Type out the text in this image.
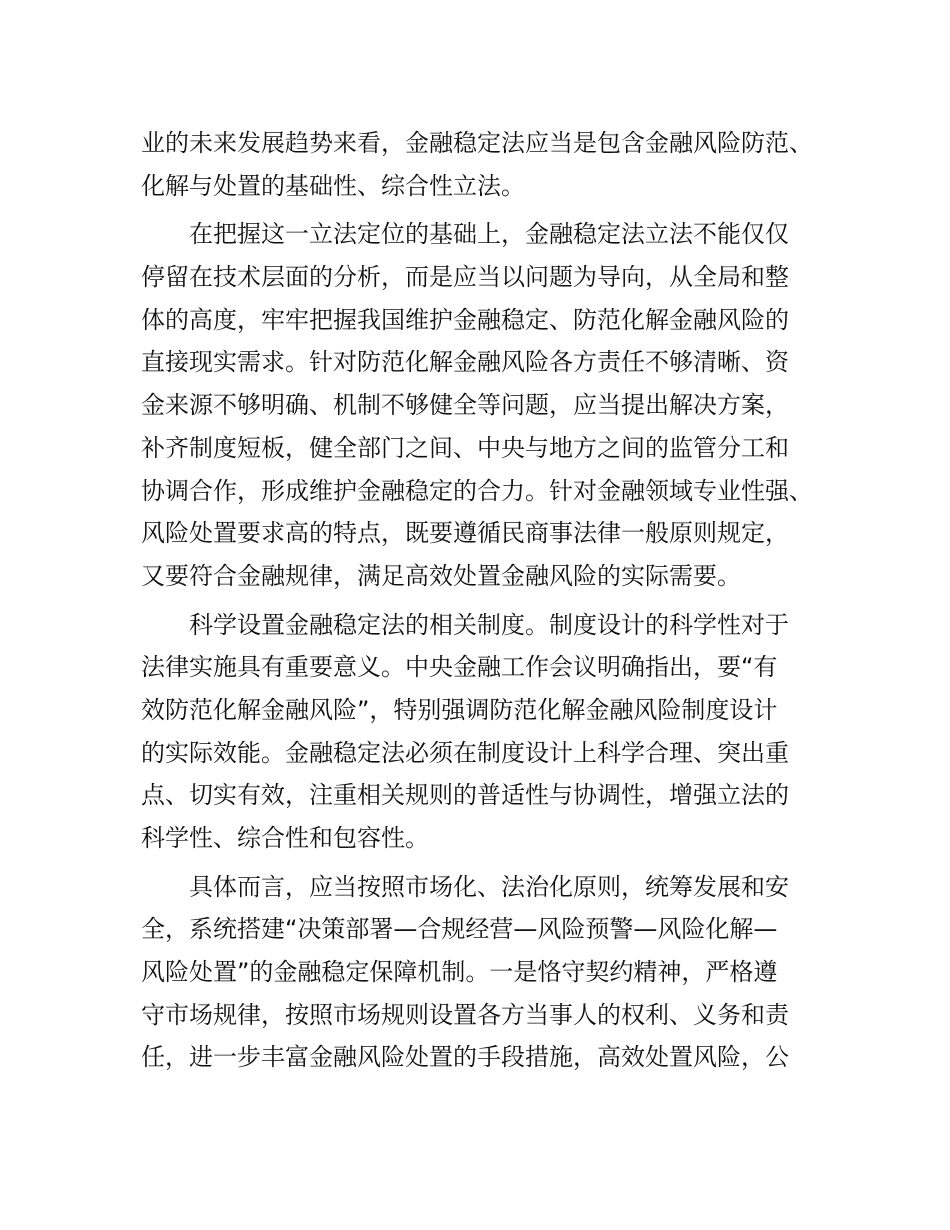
业的未来发展趋势来看，金融稳定法应当是包含金融风险防范、
化解与处置的基础性、综合性立法。
在把握这一立法定位的基础上，金融稳定法立法不能仅仅
停留在技术层面的分析，而是应当以问题为导向，从全局和整
体的高度，牢牢把握我国维护金融稳定、防范化解金融风险的
直接现实需求。针对防范化解金融风险各方责任不够清晰、资
金来源不够明确、机制不够健全等问题，应当提出解决方案，
补齐制度短板，健全部门之间、中央与地方之间的监管分工和
协调合作，形成维护金融稳定的合力。针对金融领域专业性强、
风险处置要求高的特点，既要遵循民商事法律一般原则规定，
又要符合金融规律，满足高效处置金融风险的实际需要。
科学设置金融稳定法的相关制度。制度设计的科学性对于
法律实施具有重要意义。中央金融工作会议明确指出，要“有
效防范化解金融风险”，特别强调防范化解金融风险制度设计
的实际效能。金融稳定法必须在制度设计上科学合理、突出重
点、切实有效，注重相关规则的普适性与协调性，增强立法的
科学性、综合性和包容性。
具体而言，应当按照市场化、法治化原则，统筹发展和安
全，系统搭建“决策部署—合规经营—风险预警—风险化解—
风险处置”的金融稳定保障机制。一是恪守契约精神，严格遵
守市场规律，按照市场规则设置各方当事人的权利、义务和责
任，进一步丰富金融风险处置的手段措施，高效处置风险，公
